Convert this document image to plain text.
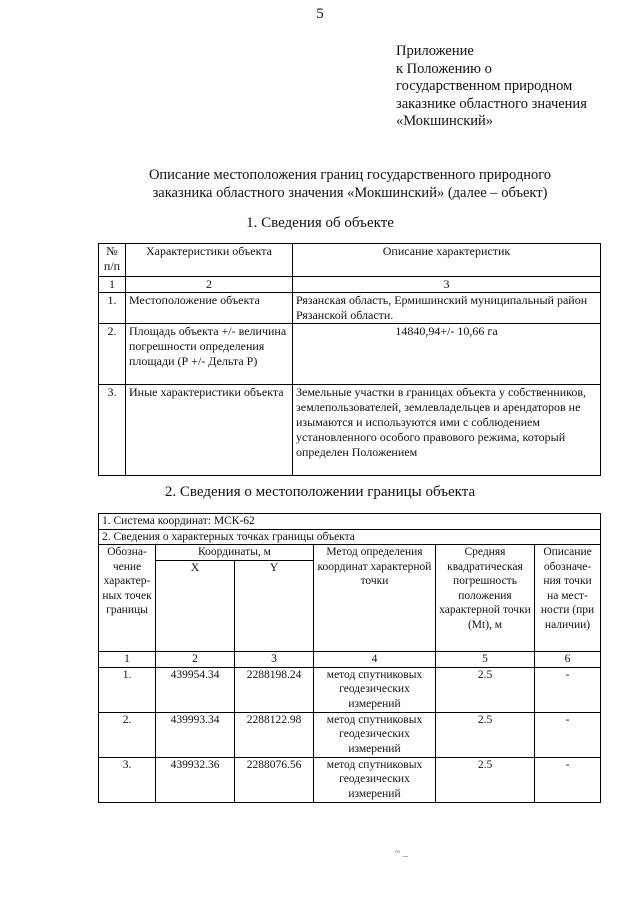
5
Приложение
к Положению о
государственном природном
заказнике областного значения
«Мокшинский»
Описание местоположения границ государственного природного
заказника областного значения «Мокшинский» (далее – объект)
1. Сведения об объекте
№ п/п	Характеристики объекта	Описание характеристик
1	2	3
1.	Местоположение объекта	Рязанская область, Ермишинский муниципальный район Рязанской области.
2.	Площадь объекта +/- величина погрешности определения площади (Р +/- Дельта Р)	14840,94+/- 10,66 га
3.	Иные характеристики объекта	Земельные участки в границах объекта у собственников, землепользователей, землевладельцев и арендаторов не изымаются и используются ими с соблюдением установленного особого правового режима, который определен Положением
2. Сведения о местоположении границы объекта
1. Система координат: МСК-62					
2. Сведения о характерных точках границы объекта					
Обозна-чение характер-ных точек границы	Координаты, м		Метод определения координат характерной точки	Средняя квадратическая погрешность положения характерной точки (Mt), м	Описание обозначе-ния точки на мест-ности (при наличии)
	X	Y			
1	2	3	4	5	6
1.	439954.34	2288198.24	метод спутниковых геодезических измерений	2.5	-
2.	439993.34	2288122.98	метод спутниковых геодезических измерений	2.5	-
3.	439932.36	2288076.56	метод спутниковых геодезических измерений	2.5	-
~ _
